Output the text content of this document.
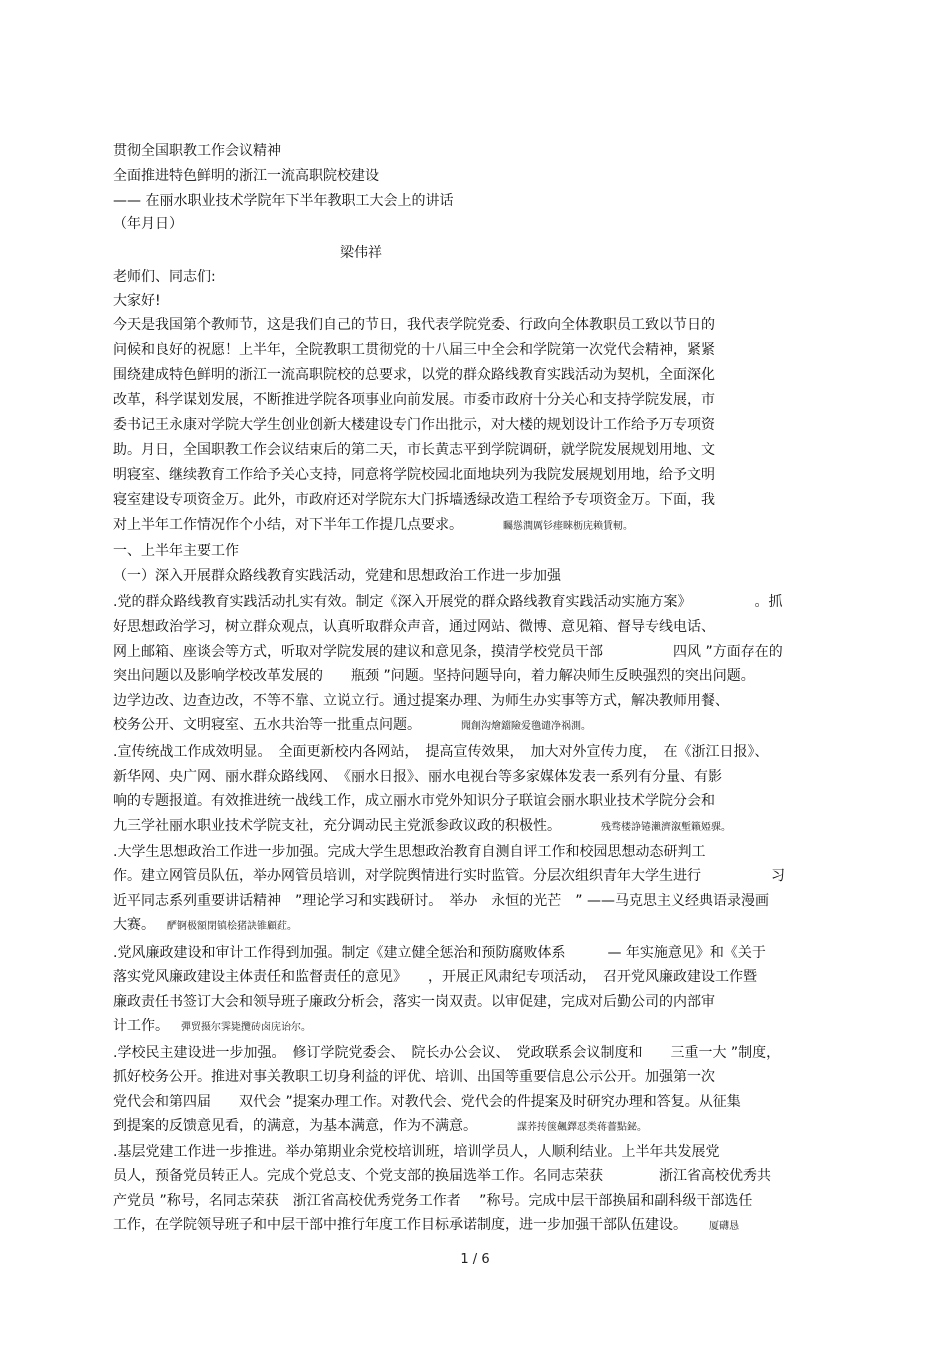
贯彻全国职教工作会议精神
全面推进特色鲜明的浙江一流高职院校建设
—— 在丽水职业技术学院年下半年教职工大会上的讲话
（年月日）
梁伟祥
老师们、同志们:
大家好!
今天是我国第个教师节，这是我们自己的节日，我代表学院党委、行政向全体教职员工致以节日的
问候和良好的祝愿！上半年，全院教职工贯彻党的十八届三中全会和学院第一次党代会精神，紧紧
围绕建成特色鲜明的浙江一流高职院校的总要求，以党的群众路线教育实践活动为契机，全面深化
改革，科学谋划发展，不断推进学院各项事业向前发展。市委市政府十分关心和支持学院发展，市
委书记王永康对学院大学生创业创新大楼建设专门作出批示，对大楼的规划设计工作给予万专项资
助。月日，全国职教工作会议结束后的第二天，市长黄志平到学院调研，就学院发展规划用地、文
明寝室、继续教育工作给予关心支持，同意将学院校园北面地块列为我院发展规划用地，给予文明
寝室建设专项资金万。此外，市政府还对学院东大门拆墙透绿改造工程给予专项资金万。下面，我
对上半年工作情况作个小结，对下半年工作提几点要求。	矚慫潤厲钐瘗睞枥庑赖賃軔。
一、上半年主要工作
（一）深入开展群众路线教育实践活动，党建和思想政治工作进一步加强
.党的群众路线教育实践活动扎实有效。制定《深入开展党的群众路线教育实践活动实施方案》　　　　　。抓
好思想政治学习，树立群众观点，认真听取群众声音，通过网站、微博、意见箱、督导专线电话、
网上邮箱、座谈会等方式，听取对学院发展的建议和意见条，摸清学校党员干部　　　　　四风 ”方面存在的
突出问题以及影响学校改革发展的　　瓶颈 ”问题。坚持问题导向，着力解决师生反映强烈的突出问题。
边学边改、边查边改，不等不靠、立说立行。通过提案办理、为师生办实事等方式，解决教师用餐、
校务公开、文明寝室、五水共治等一批重点问题。	聞創沟燴鐺險爱氇谴净祸測。
.宣传统战工作成效明显。　全面更新校内各网站，　提高宣传效果，　加大对外宣传力度，　在《浙江日报》、
新华网、央广网、丽水群众路线网、　《丽水日报》、丽水电视台等多家媒体发表一系列有分量、有影
响的专题报道。有效推进统一战线工作，成立丽水市党外知识分子联谊会丽水职业技术学院分会和
九三学社丽水职业技术学院支社，充分调动民主党派参政议政的积极性。	残骛楼諍锩瀨濟溆塹籟婭骒。
.大学生思想政治工作进一步加强。完成大学生思想政治教育自测自评工作和校园思想动态研判工
作。建立网管员队伍，举办网管员培训，对学院舆情进行实时监管。分层次组织青年大学生进行　　　　　习
近平同志系列重要讲话精神　”理论学习和实践研讨。　举办　永恒的光芒　” ——马克思主义经典语录漫画
大赛。 酽锕极額閉镇桧猪訣锥顧荭。
.党风廉政建设和审计工作得到加强。制定《建立健全惩治和预防腐败体系　　　— 年实施意见》和《关于
落实党风廉政建设主体责任和监督责任的意见》　　，开展正风肃纪专项活动，　召开党风廉政建设工作暨
廉政责任书签订大会和领导班子廉政分析会，落实一岗双责。以审促建，完成对后勤公司的内部审
计工作。 彈贸摄尔霁毙攬砖卤庑诒尔。
.学校民主建设进一步加强。　修订学院党委会、　院长办公会议、　党政联系会议制度和　　三重一大 ”制度，
抓好校务公开。推进对事关教职工切身利益的评优、培训、出国等重要信息公示公开。加强第一次
党代会和第四届　　双代会 ”提案办理工作。对教代会、党代会的件提案及时研究办理和答复。从征集
到提案的反馈意见看，的满意，为基本满意，作为不满意。	謀荞抟箧飆鐸怼类蒋薔點鉍。
.基层党建工作进一步推进。举办第期业余党校培训班，培训学员人，人顺利结业。上半年共发展党
员人，预备党员转正人。完成个党总支、个党支部的换届选举工作。名同志荣获　　　　浙江省高校优秀共
产党员 ”称号，名同志荣获　浙江省高校优秀党务工作者　 ”称号。完成中层干部换届和副科级干部选任
工作，在学院领导班子和中层干部中推行年度工作目标承诺制度，进一步加强干部队伍建设。 厦礴恳
1 / 6
